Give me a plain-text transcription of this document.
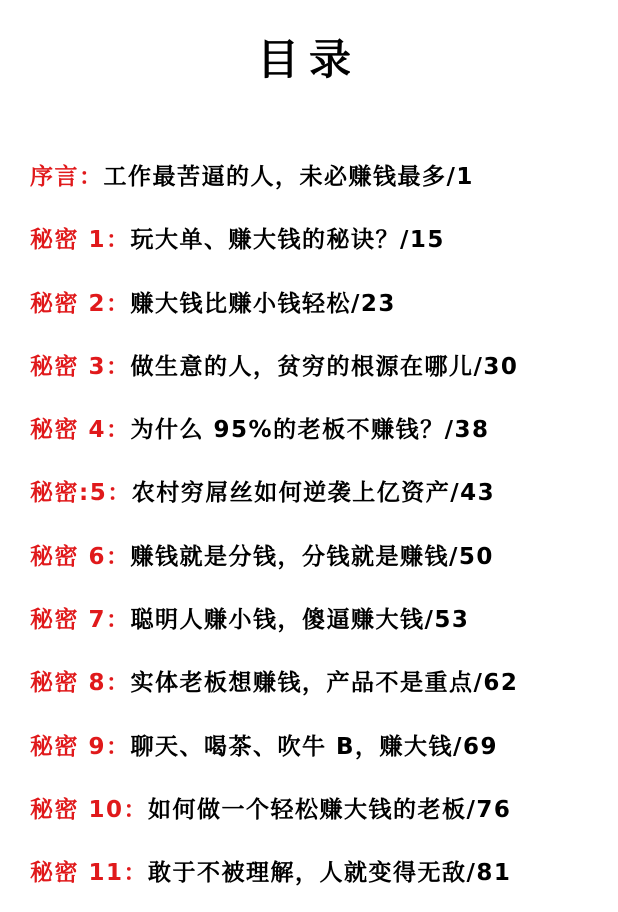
目录
序言：工作最苦逼的人，未必赚钱最多/1
秘密 1：玩大单、赚大钱的秘诀？/15
秘密 2：赚大钱比赚小钱轻松/23
秘密 3：做生意的人，贫穷的根源在哪儿/30
秘密 4：为什么 95%的老板不赚钱？/38
秘密:5：农村穷屌丝如何逆袭上亿资产/43
秘密 6：赚钱就是分钱，分钱就是赚钱/50
秘密 7：聪明人赚小钱，傻逼赚大钱/53
秘密 8：实体老板想赚钱，产品不是重点/62
秘密 9：聊天、喝茶、吹牛 B，赚大钱/69
秘密 10：如何做一个轻松赚大钱的老板/76
秘密 11：敢于不被理解，人就变得无敌/81
